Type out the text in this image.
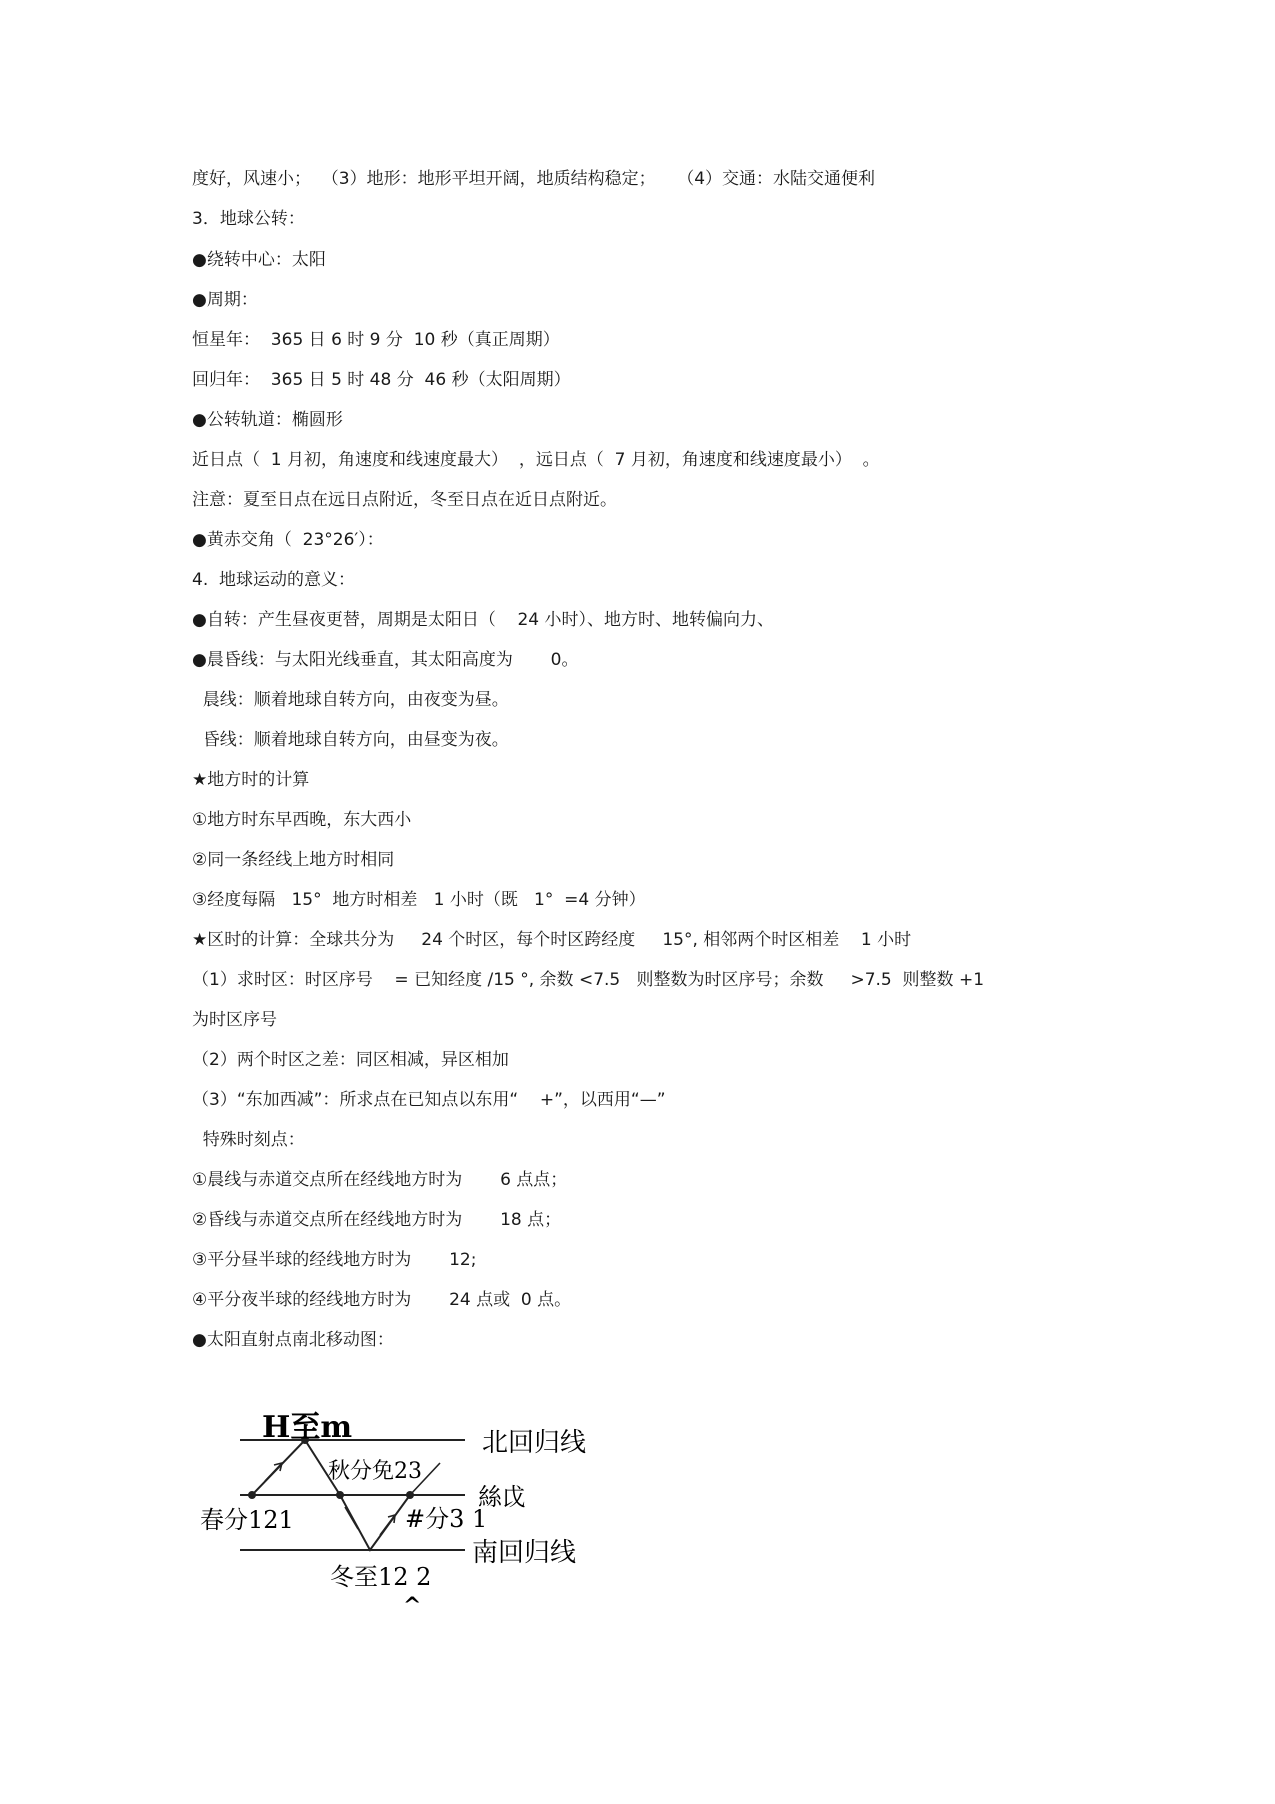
度好，风速小；  （3）地形：地形平坦开阔，地质结构稳定；    （4）交通：水陆交通便利
3．地球公转：
●绕转中心：太阳
●周期：
恒星年：  365 日 6 时 9 分  10 秒（真正周期）
回归年：  365 日 5 时 48 分  46 秒（太阳周期）
●公转轨道：椭圆形
近日点（  1 月初，角速度和线速度最大）  ，远日点（  7 月初，角速度和线速度最小）  。
注意：夏至日点在远日点附近，冬至日点在近日点附近。
●黄赤交角（  23°26′）：
4.  地球运动的意义：
●自转：产生昼夜更替，周期是太阳日（    24 小时）、地方时、地转偏向力、
●晨昏线：与太阳光线垂直，其太阳高度为       0。
晨线：顺着地球自转方向，由夜变为昼。
昏线：顺着地球自转方向，由昼变为夜。
★地方时的计算
①地方时东早西晚，东大西小
②同一条经线上地方时相同
③经度每隔   15°  地方时相差   1 小时（既   1°  =4 分钟）
★区时的计算：全球共分为     24 个时区，每个时区跨经度     15°, 相邻两个时区相差    1 小时
（1）求时区：时区序号    = 已知经度 /15 °, 余数 <7.5   则整数为时区序号；余数     >7.5  则整数 +1
为时区序号
（2）两个时区之差：同区相减，异区相加
（3）“东加西减”：所求点在已知点以东用“    +”，以西用“—”
特殊时刻点：
①晨线与赤道交点所在经线地方时为       6 点点；
②昏线与赤道交点所在经线地方时为       18 点；
③平分昼半球的经线地方时为       12;
④平分夜半球的经线地方时为       24 点或  0 点。
●太阳直射点南北移动图：
H至m	北回归线
秋分免23
絲戉
春分121	#分3 1
南回归线
冬至12 2
^
